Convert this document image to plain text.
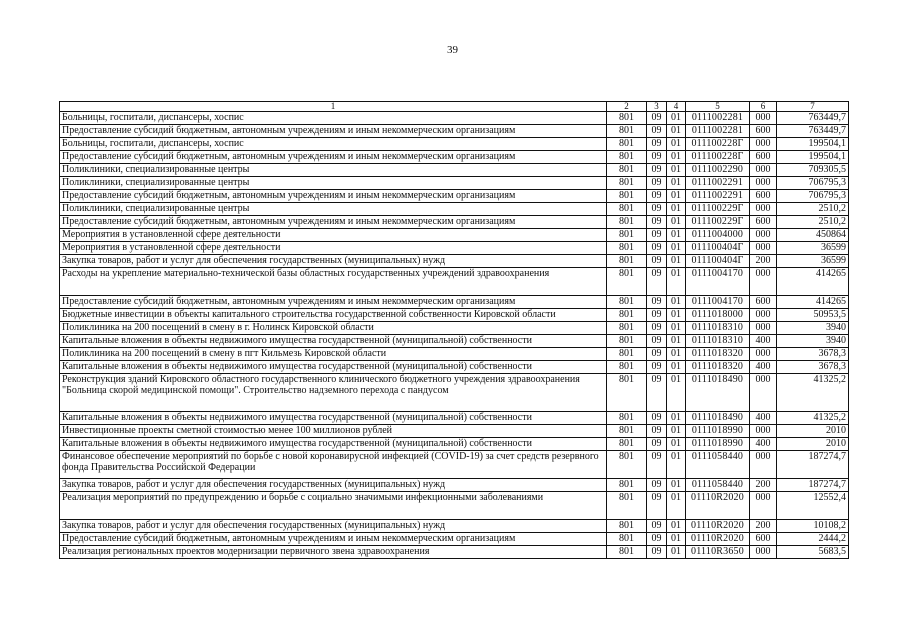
39
1	2	3	4	5	6	7
Больницы, госпитали, диспансеры, хоспис	801	09	01	0111002281	000	763449,7
Предоставление субсидий бюджетным, автономным учреждениям и иным некоммерческим организациям	801	09	01	0111002281	600	763449,7
Больницы, госпитали, диспансеры, хоспис	801	09	01	011100228Г	000	199504,1
Предоставление субсидий бюджетным, автономным учреждениям и иным некоммерческим организациям	801	09	01	011100228Г	600	199504,1
Поликлиники, специализированные центры	801	09	01	0111002290	000	709305,5
Поликлиники, специализированные центры	801	09	01	0111002291	000	706795,3
Предоставление субсидий бюджетным, автономным учреждениям и иным некоммерческим организациям	801	09	01	0111002291	600	706795,3
Поликлиники, специализированные центры	801	09	01	011100229Г	000	2510,2
Предоставление субсидий бюджетным, автономным учреждениям и иным некоммерческим организациям	801	09	01	011100229Г	600	2510,2
Мероприятия в установленной сфере деятельности	801	09	01	0111004000	000	450864
Мероприятия в установленной сфере деятельности	801	09	01	011100404Г	000	36599
Закупка товаров, работ и услуг для обеспечения государственных (муниципальных) нужд	801	09	01	011100404Г	200	36599
Расходы на укрепление материально-технической базы областных государственных учреждений здравоохранения	801	09	01	0111004170	000	414265
Предоставление субсидий бюджетным, автономным учреждениям и иным некоммерческим организациям	801	09	01	0111004170	600	414265
Бюджетные инвестиции в объекты капитального строительства государственной собственности Кировской области	801	09	01	0111018000	000	50953,5
Поликлиника на 200 посещений в смену в г. Нолинск Кировской области	801	09	01	0111018310	000	3940
Капитальные вложения в объекты недвижимого имущества государственной (муниципальной) собственности	801	09	01	0111018310	400	3940
Поликлиника на 200 посещений в смену в пгт Кильмезь Кировской области	801	09	01	0111018320	000	3678,3
Капитальные вложения в объекты недвижимого имущества государственной (муниципальной) собственности	801	09	01	0111018320	400	3678,3
Реконструкция зданий Кировского областного государственного клинического бюджетного учреждения здравоохранения "Больница скорой медицинской помощи". Строительство надземного перехода с пандусом	801	09	01	0111018490	000	41325,2
Капитальные вложения в объекты недвижимого имущества государственной (муниципальной) собственности	801	09	01	0111018490	400	41325,2
Инвестиционные проекты сметной стоимостью менее 100 миллионов рублей	801	09	01	0111018990	000	2010
Капитальные вложения в объекты недвижимого имущества государственной (муниципальной) собственности	801	09	01	0111018990	400	2010
Финансовое обеспечение мероприятий по борьбе с новой коронавирусной инфекцией (COVID-19) за счет средств резервного фонда Правительства Российской Федерации	801	09	01	0111058440	000	187274,7
Закупка товаров, работ и услуг для обеспечения государственных (муниципальных) нужд	801	09	01	0111058440	200	187274,7
Реализация мероприятий по предупреждению и борьбе с социально значимыми инфекционными заболеваниями	801	09	01	01110R2020	000	12552,4
Закупка товаров, работ и услуг для обеспечения государственных (муниципальных) нужд	801	09	01	01110R2020	200	10108,2
Предоставление субсидий бюджетным, автономным учреждениям и иным некоммерческим организациям	801	09	01	01110R2020	600	2444,2
Реализация региональных проектов модернизации первичного звена здравоохранения	801	09	01	01110R3650	000	5683,5
